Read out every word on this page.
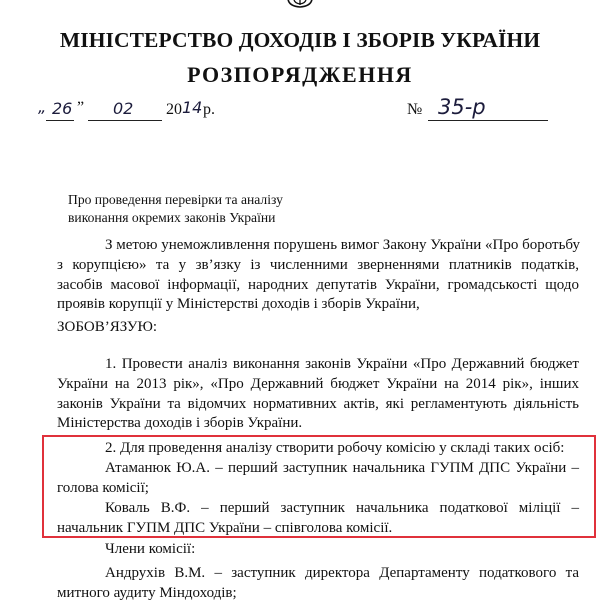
МІНІСТЕРСТВО ДОХОДІВ І ЗБОРІВ УКРАЇНИ
РОЗПОРЯДЖЕННЯ
„ 26 ” 02 20 14 р.	№ 35-р
Про проведення перевірки та аналізу
виконання окремих законів України
З метою унеможливлення порушень вимог Закону України «Про боротьбу
з корупцією» та у зв’язку із численними зверненнями платників податків,
засобів масової інформації, народних депутатів України, громадськості щодо
проявів корупції у Міністерстві доходів і зборів України,
ЗОБОВ’ЯЗУЮ:
1. Провести аналіз виконання законів України «Про Державний бюджет
України на 2013 рік», «Про Державний бюджет України на 2014 рік», інших
законів України та відомчих нормативних актів, які регламентують діяльність
Міністерства доходів і зборів України.
2. Для проведення аналізу створити робочу комісію у складі таких осіб:
Атаманюк Ю.А. – перший заступник начальника ГУПМ ДПС України –
голова комісії;
Коваль В.Ф. – перший заступник начальника податкової міліції –
начальник ГУПМ ДПС України – співголова комісії.
Члени комісії:
Андрухів В.М. – заступник директора Департаменту податкового та
митного аудиту Міндоходів;
